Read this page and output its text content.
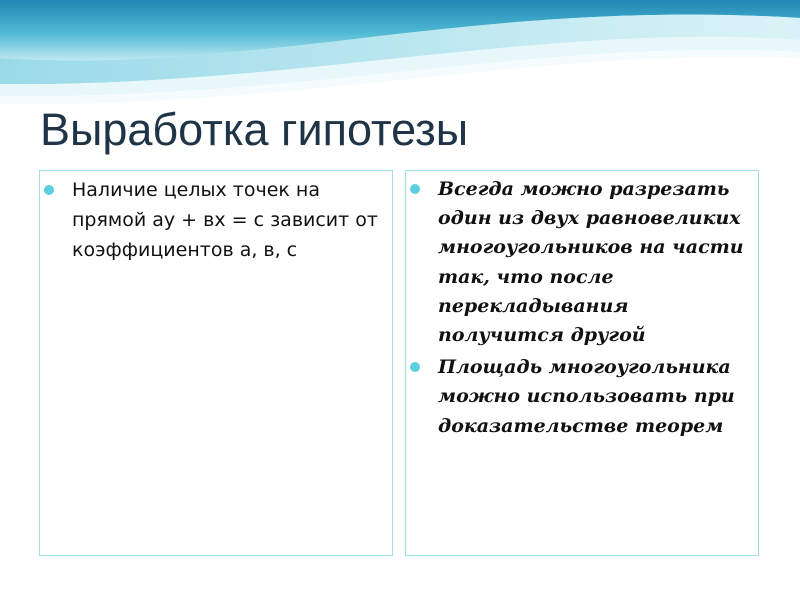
Выработка гипотезы
Наличие целых точек на прямой ау + вх = с зависит от коэффициентов а, в, с
Всегда можно разрезать один из двух равновеликих многоугольников на части так, что после перекладывания получится другой
Площадь многоугольника можно использовать при доказательстве теорем
